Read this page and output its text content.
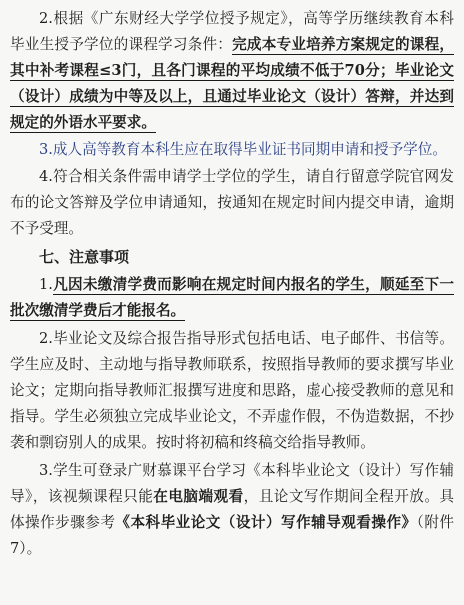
2.根据《广东财经大学学位授予规定》，高等学历继续教育本科毕业生授予学位的课程学习条件：完成本专业培养方案规定的课程，其中补考课程≤3门，且各门课程的平均成绩不低于70分；毕业论文（设计）成绩为中等及以上，且通过毕业论文（设计）答辩，并达到规定的外语水平要求。

3.成人高等教育本科生应在取得毕业证书同期申请和授予学位。

4.符合相关条件需申请学士学位的学生，请自行留意学院官网发布的论文答辩及学位申请通知，按通知在规定时间内提交申请，逾期不予受理。

七、注意事项

1.凡因未缴清学费而影响在规定时间内报名的学生，顺延至下一批次缴清学费后才能报名。

2.毕业论文及综合报告指导形式包括电话、电子邮件、书信等。学生应及时、主动地与指导教师联系，按照指导教师的要求撰写毕业论文；定期向指导教师汇报撰写进度和思路，虚心接受教师的意见和指导。学生必须独立完成毕业论文，不弄虚作假，不伪造数据，不抄袭和剽窃别人的成果。按时将初稿和终稿交给指导教师。

3.学生可登录广财慕课平台学习《本科毕业论文（设计）写作辅导》，该视频课程只能在电脑端观看，且论文写作期间全程开放。具体操作步骤参考《本科毕业论文（设计）写作辅导观看操作》（附件7）。
